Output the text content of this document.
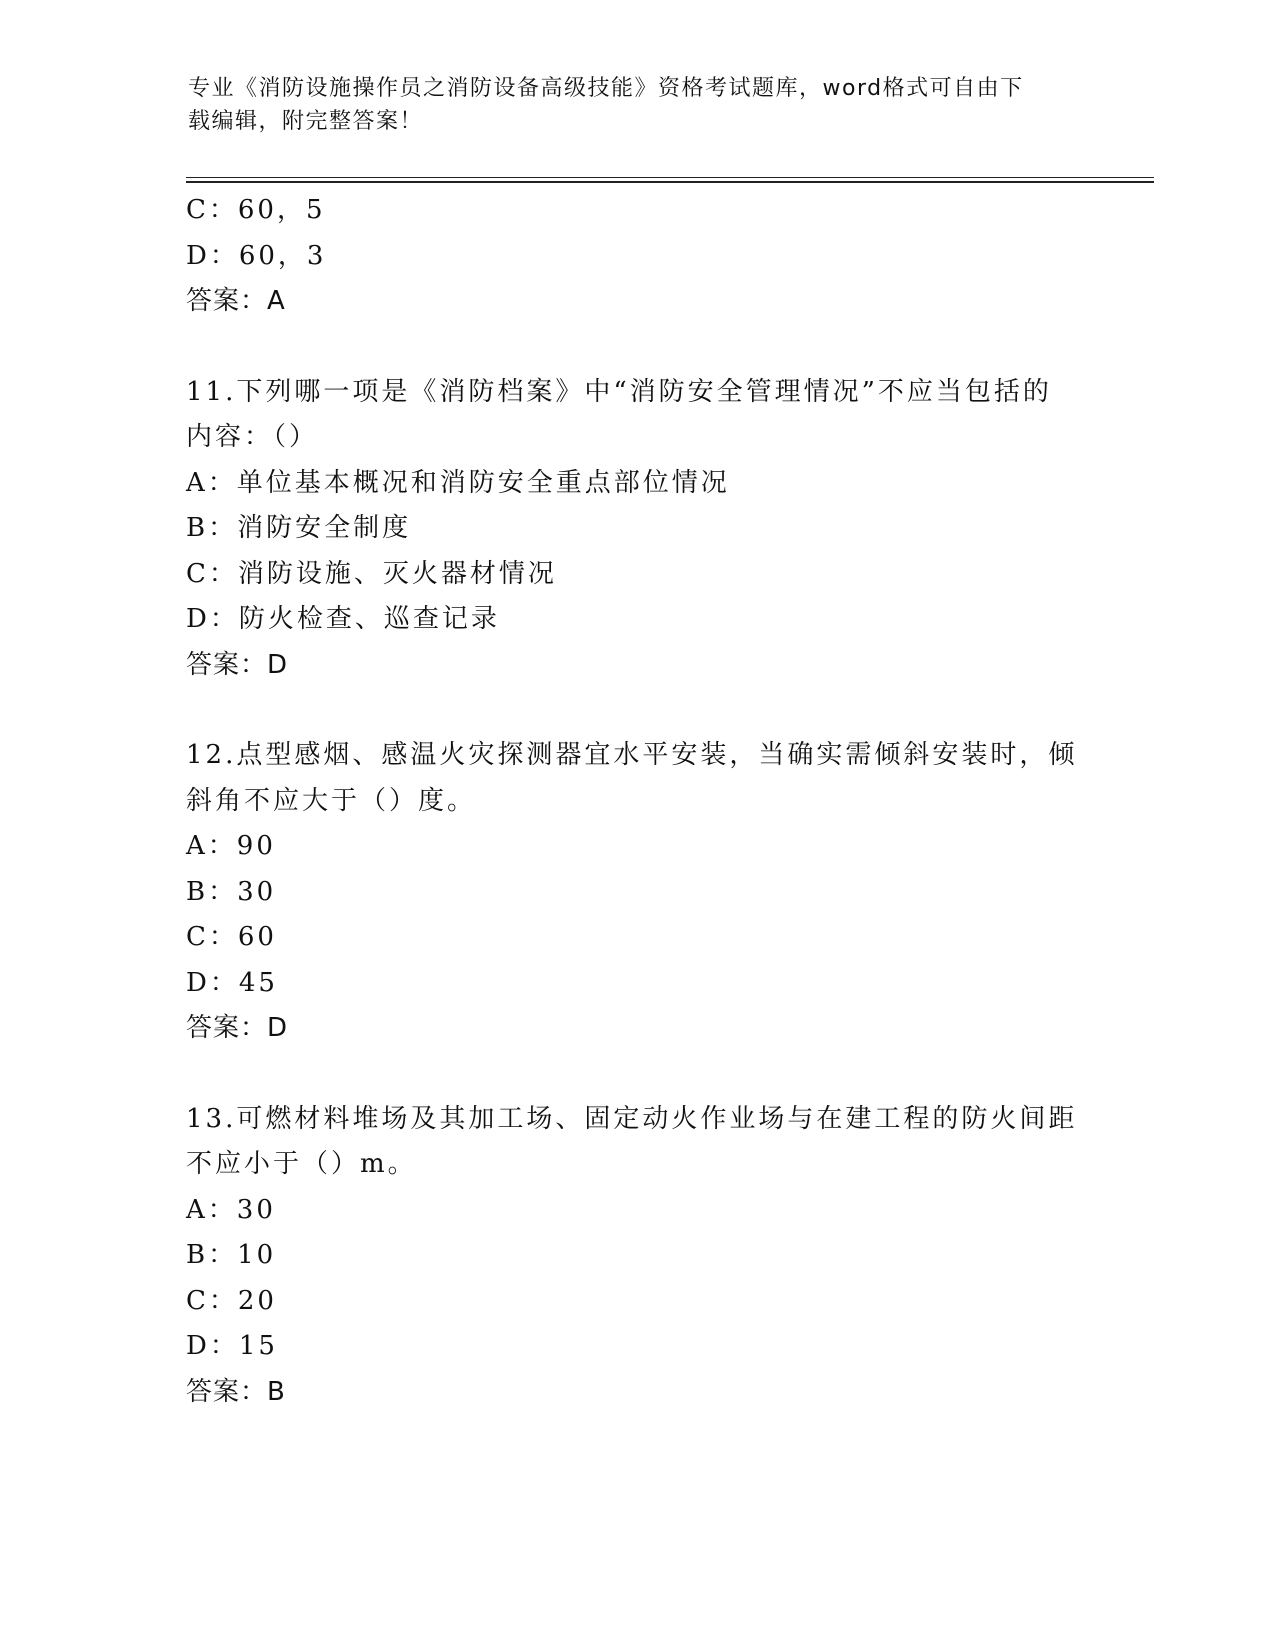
专业《消防设施操作员之消防设备高级技能》资格考试题库，word格式可自由下
载编辑，附完整答案！
C：60，5
D：60，3
答案：A
11.下列哪一项是《消防档案》中“消防安全管理情况”不应当包括的
内容：（）
A：单位基本概况和消防安全重点部位情况
B：消防安全制度
C：消防设施、灭火器材情况
D：防火检查、巡查记录
答案：D
12.点型感烟、感温火灾探测器宜水平安装，当确实需倾斜安装时，倾
斜角不应大于（）度。
A：90
B：30
C：60
D：45
答案：D
13.可燃材料堆场及其加工场、固定动火作业场与在建工程的防火间距
不应小于（）m。
A：30
B：10
C：20
D：15
答案：B
